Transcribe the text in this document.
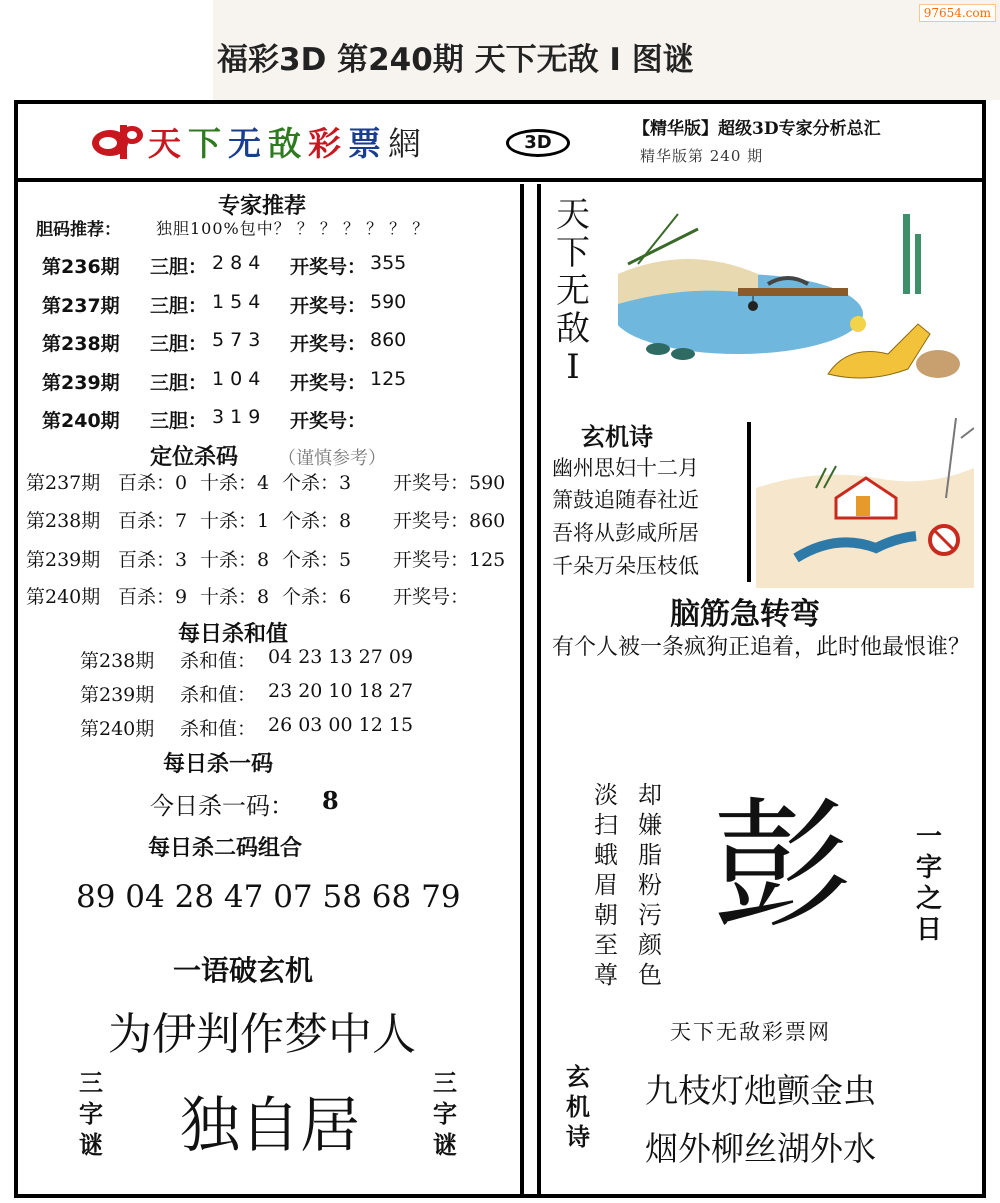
97654.com
福彩3D 第240期 天下无敌 I 图谜
天下无敌彩票網	3D
【精华版】超级3D专家分析总汇
精华版第 240 期
专家推荐
胆码推荐： 独胆100%包中？ ？ ？ ？ ？ ？ ？
第236期 三胆： 2 8 4 开奖号： 355
第237期 三胆： 1 5 4 开奖号： 590
第238期 三胆： 5 7 3 开奖号： 860
第239期 三胆： 1 0 4 开奖号： 125
第240期 三胆： 3 1 9 开奖号：
定位杀码 （谨慎参考）
第237期 百杀：0 十杀：4 个杀：3 开奖号：590
第238期 百杀：7 十杀：1 个杀：8 开奖号：860
第239期 百杀：3 十杀：8 个杀：5 开奖号：125
第240期 百杀：9 十杀：8 个杀：6 开奖号：
每日杀和值
第238期 杀和值： 04 23 13 27 09
第239期 杀和值： 23 20 10 18 27
第240期 杀和值： 26 03 00 12 15
每日杀一码
今日杀一码： 8
每日杀二码组合
89 04 28 47 07 58 68 79
一语破玄机
为伊判作梦中人
三
字
谜 独自居
三
字
谜
天
下
无
敌
I
玄机诗
幽州思妇十二月
箫鼓追随春社近
吾将从彭咸所居
千朵万朵压枝低
脑筋急转弯
有个人被一条疯狗正追着，此时他最恨谁？
淡
扫
蛾
眉
朝
至
尊
却
嫌
脂
粉
污
颜
色
彭	一
字
之
日
天下无敌彩票网
玄
机
诗
九枝灯灺颤金虫
烟外柳丝湖外水
